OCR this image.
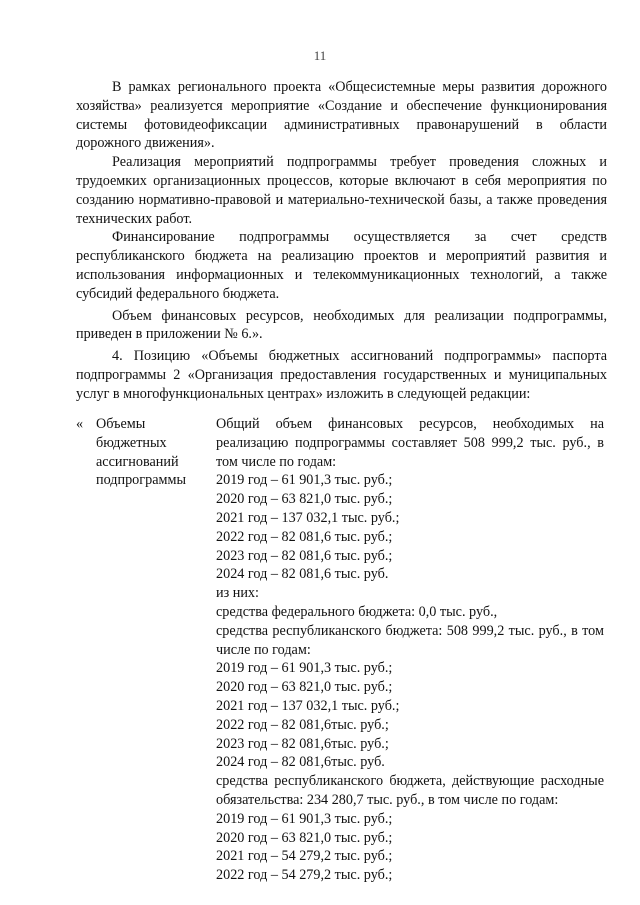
11

В рамках регионального проекта «Общесистемные меры развития дорожного хозяйства» реализуется мероприятие «Создание и обеспечение функционирования системы фотовидеофиксации административных правонарушений в области дорожного движения».

Реализация мероприятий подпрограммы требует проведения сложных и трудоемких организационных процессов, которые включают в себя мероприятия по созданию нормативно-правовой и материально-технической базы, а также проведения технических работ.

Финансирование подпрограммы осуществляется за счет средств республиканского бюджета на реализацию проектов и мероприятий развития и использования информационных и телекоммуникационных технологий, а также субсидий федерального бюджета.

Объем финансовых ресурсов, необходимых для реализации подпрограммы, приведен в приложении № 6.».

4. Позицию «Объемы бюджетных ассигнований подпрограммы» паспорта подпрограммы 2 «Организация предоставления государственных и муниципальных услуг в многофункциональных центрах» изложить в следующей редакции:

« Объемы
бюджетных
ассигнований
подпрограммы
Общий объем финансовых ресурсов, необходимых на реализацию подпрограммы составляет 508 999,2 тыс. руб., в том числе по годам:
2019 год – 61 901,3 тыс. руб.;
2020 год – 63 821,0 тыс. руб.;
2021 год – 137 032,1 тыс. руб.;
2022 год – 82 081,6 тыс. руб.;
2023 год – 82 081,6 тыс. руб.;
2024 год – 82 081,6 тыс. руб.
из них:
средства федерального бюджета: 0,0 тыс. руб.,
средства республиканского бюджета: 508 999,2 тыс. руб., в том числе по годам:
2019 год – 61 901,3 тыс. руб.;
2020 год – 63 821,0 тыс. руб.;
2021 год – 137 032,1 тыс. руб.;
2022 год – 82 081,6тыс. руб.;
2023 год – 82 081,6тыс. руб.;
2024 год – 82 081,6тыс. руб.
средства республиканского бюджета, действующие расходные обязательства: 234 280,7 тыс. руб., в том числе по годам:
2019 год – 61 901,3 тыс. руб.;
2020 год – 63 821,0 тыс. руб.;
2021 год – 54 279,2 тыс. руб.;
2022 год – 54 279,2 тыс. руб.;
